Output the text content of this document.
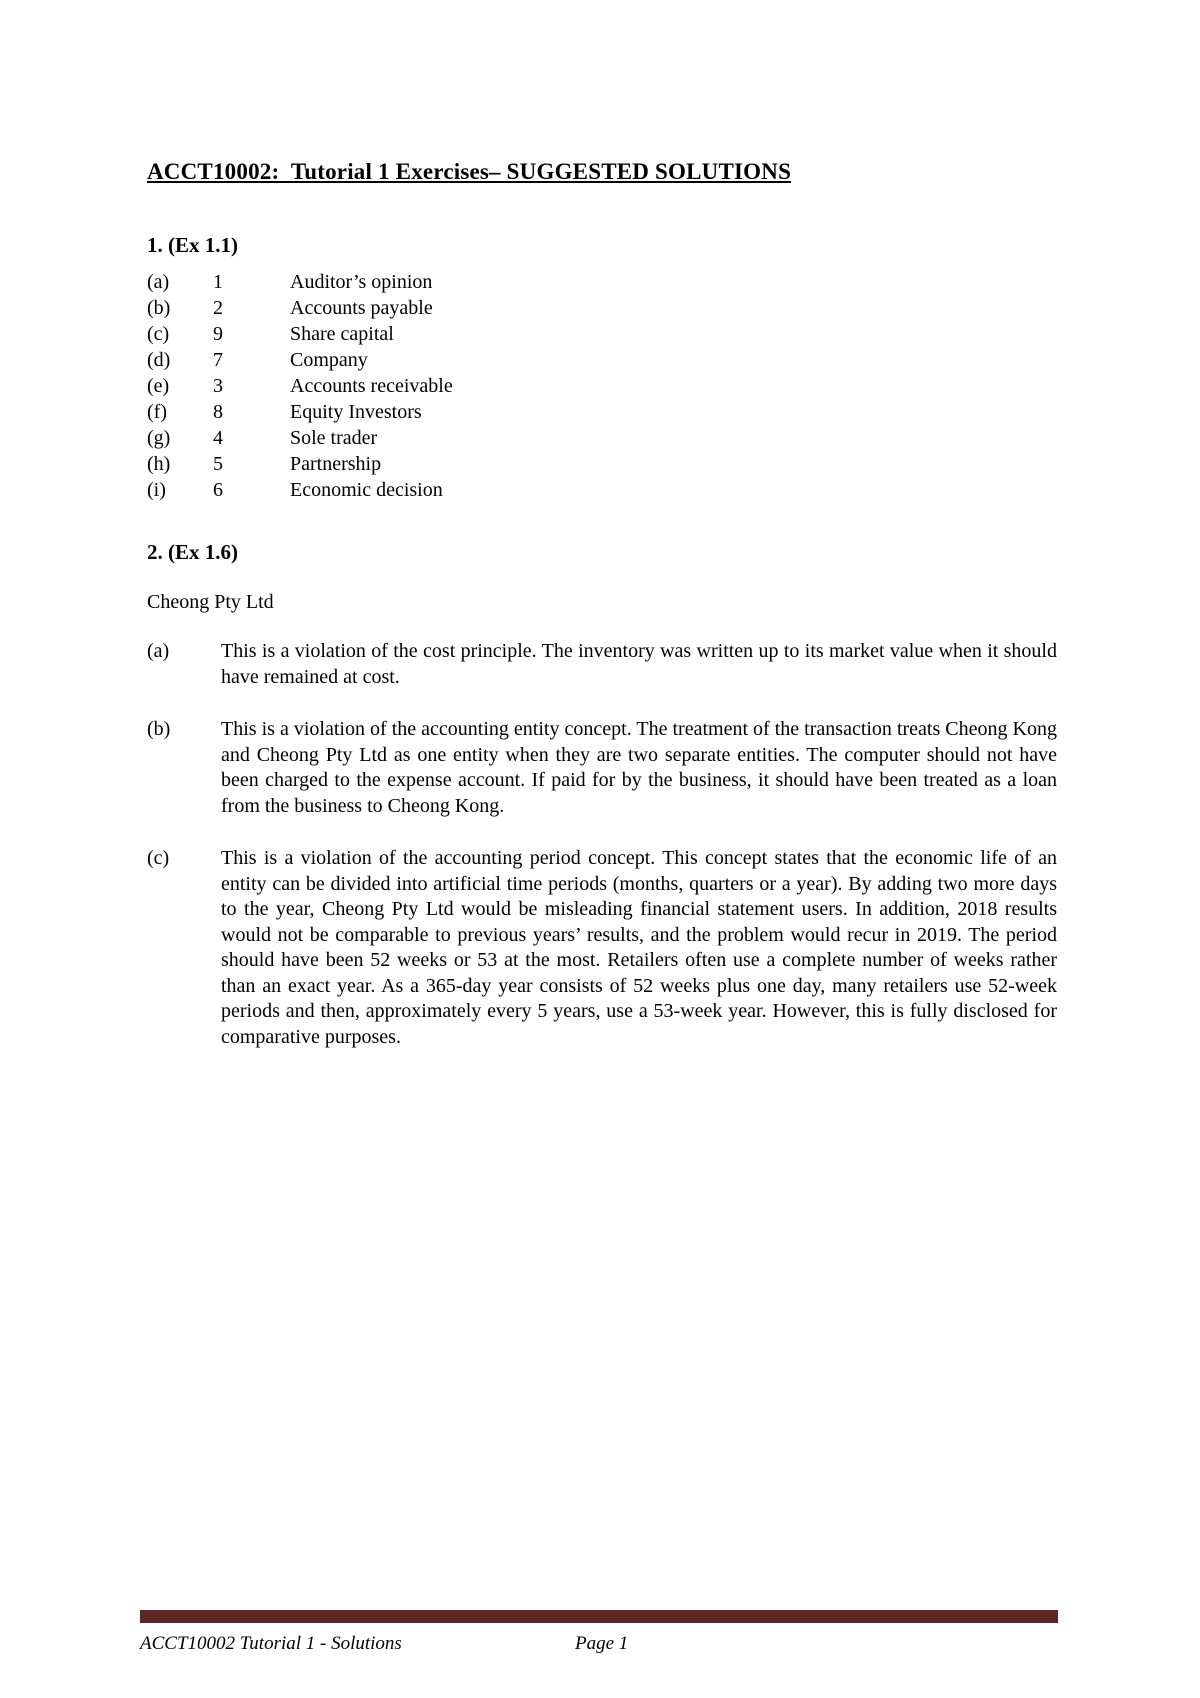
ACCT10002:  Tutorial 1 Exercises– SUGGESTED SOLUTIONS
1. (Ex 1.1)
(a)	1	Auditor’s opinion
(b)	2	Accounts payable
(c)	9	Share capital
(d)	7	Company
(e)	3	Accounts receivable
(f)	8	Equity Investors
(g)	4	Sole trader
(h)	5	Partnership
(i)	6	Economic decision
2. (Ex 1.6)

Cheong Pty Ltd

(a)	This is a violation of the cost principle. The inventory was written up to its market value when it should have remained at cost.
(b)	This is a violation of the accounting entity concept. The treatment of the transaction treats Cheong Kong and Cheong Pty Ltd as one entity when they are two separate entities. The computer should not have been charged to the expense account. If paid for by the business, it should have been treated as a loan from the business to Cheong Kong.
(c)	This is a violation of the accounting period concept. This concept states that the economic life of an entity can be divided into artificial time periods (months, quarters or a year). By adding two more days to the year, Cheong Pty Ltd would be misleading financial statement users. In addition, 2018 results would not be comparable to previous years’ results, and the problem would recur in 2019. The period should have been 52 weeks or 53 at the most. Retailers often use a complete number of weeks rather than an exact year. As a 365-day year consists of 52 weeks plus one day, many retailers use 52-week periods and then, approximately every 5 years, use a 53-week year. However, this is fully disclosed for comparative purposes.
ACCT10002 Tutorial 1 - Solutions	Page 1
